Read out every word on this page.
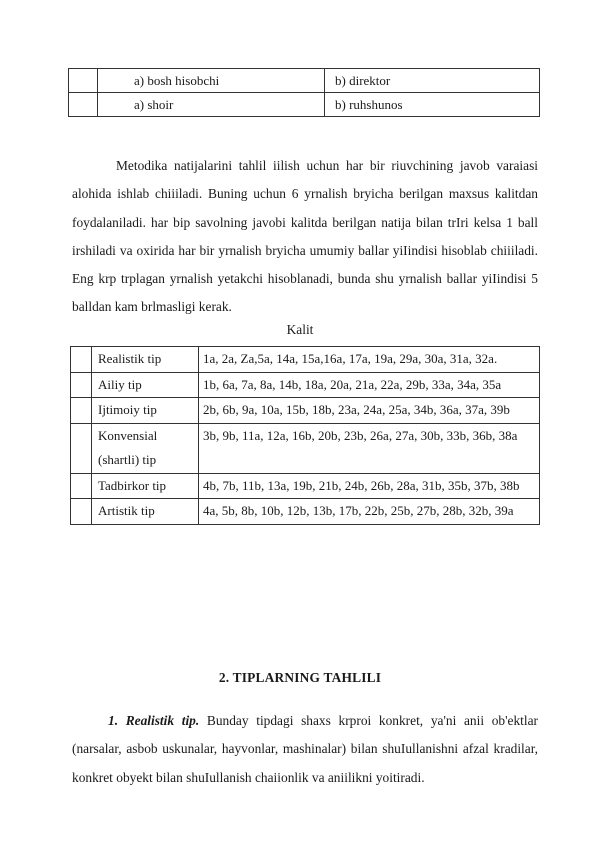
	a) bosh hisobchi	b) direktor
	a) shoir	b) ruhshunos

Metodika natijalarini tahlil iilish uchun har bir riuvchining javob varaiasi alohida ishlab chiiiladi. Buning uchun 6 yrnalish bryicha berilgan maxsus kalitdan foydalaniladi. har bip savolning javobi kalitda berilgan natija bilan trIri kelsa 1 ball irshiladi va oxirida har bir yrnalish bryicha umumiy ballar yiIindisi hisoblab chiiiladi. Eng krp trplagan yrnalish yetakchi hisoblanadi, bunda shu yrnalish ballar yiIindisi 5 balldan kam brlmasligi kerak.

Kalit
	Realistik tip	1a, 2a, Za,5a, 14a, 15a,16a, 17a, 19a, 29a, 30a, 31a, 32a.
	Ailiy tip	1b, 6a, 7a, 8a, 14b, 18a, 20a, 21a, 22a, 29b, 33a, 34a, 35a
	Ijtimoiy tip	2b, 6b, 9a, 10a, 15b, 18b, 23a, 24a, 25a, 34b, 36a, 37a, 39b
	Konvensial (shartli) tip	3b, 9b, 11a, 12a, 16b, 20b, 23b, 26a, 27a, 30b, 33b, 36b, 38a
	Tadbirkor tip	4b, 7b, 11b, 13a, 19b, 21b, 24b, 26b, 28a, 31b, 35b, 37b, 38b
	Artistik tip	4a, 5b, 8b, 10b, 12b, 13b, 17b, 22b, 25b, 27b, 28b, 32b, 39a
2. TIPLARNING TAHLILI

1. Realistik tip. Bunday tipdagi shaxs krproi konkret, ya'ni anii ob'ektlar (narsalar, asbob uskunalar, hayvonlar, mashinalar) bilan shuIullanishni afzal kradilar, konkret obyekt bilan shuIullanish chaiionlik va aniilikni yoitiradi.
